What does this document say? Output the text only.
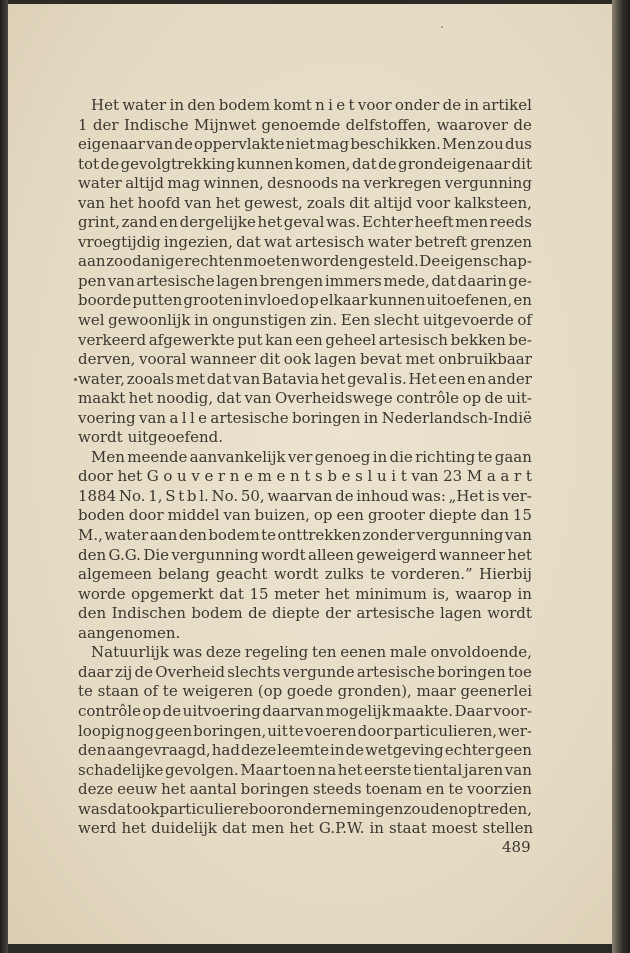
Het water in den bodem komt n i e t voor onder de in artikel
1 der Indische Mijnwet genoemde delfstoffen, waarover de
eigenaar van de oppervlakte niet mag beschikken. Men zou dus
tot de gevolgtrekking kunnen komen, dat de grondeigenaar dit
water altijd mag winnen, desnoods na verkregen vergunning
van het hoofd van het gewest, zoals dit altijd voor kalksteen,
grint, zand en dergelijke het geval was. Echter heeft men reeds
vroegtijdig ingezien, dat wat artesisch water betreft grenzen
aan zoodanige rechten moeten worden gesteld. De eigenschap-
pen van artesische lagen brengen immers mede, dat daarin ge-
boorde putten grooten invloed op elkaar kunnen uitoefenen, en
wel gewoonlijk in ongunstigen zin. Een slecht uitgevoerde of
verkeerd afgewerkte put kan een geheel artesisch bekken be-
derven, vooral wanneer dit ook lagen bevat met onbruikbaar
water, zooals met dat van Batavia het geval is. Het een en ander
maakt het noodig, dat van Overheidswege contrôle op de uit-
voering van a l l e artesische boringen in Nederlandsch-Indië
wordt uitgeoefend.
Men meende aanvankelijk ver genoeg in die richting te gaan
door het G o u v e r n e m e n t s b e s l u i t van 23 M a a r t
1884 No. 1, S t b l. No. 50, waarvan de inhoud was: „Het is ver-
boden door middel van buizen, op een grooter diepte dan 15
M., water aan den bodem te onttrekken zonder vergunning van
den G.G. Die vergunning wordt alleen geweigerd wanneer het
algemeen belang geacht wordt zulks te vorderen.” Hierbij
worde opgemerkt dat 15 meter het minimum is, waarop in
den Indischen bodem de diepte der artesische lagen wordt
aangenomen.
Natuurlijk was deze regeling ten eenen male onvoldoende,
daar zij de Overheid slechts vergunde artesische boringen toe
te staan of te weigeren (op goede gronden), maar geenerlei
contrôle op de uitvoering daarvan mogelijk maakte. Daar voor-
loopig nog geen boringen, uit te voeren door particulieren, wer-
den aangevraagd, had deze leemte in de wetgeving echter geen
schadelijke gevolgen. Maar toen na het eerste tiental jaren van
deze eeuw het aantal boringen steeds toenam en te voorzien
was dat ook particuliere boorondernemingen zouden optreden,
werd het duidelijk dat men het G.P.W. in staat moest stellen
489
